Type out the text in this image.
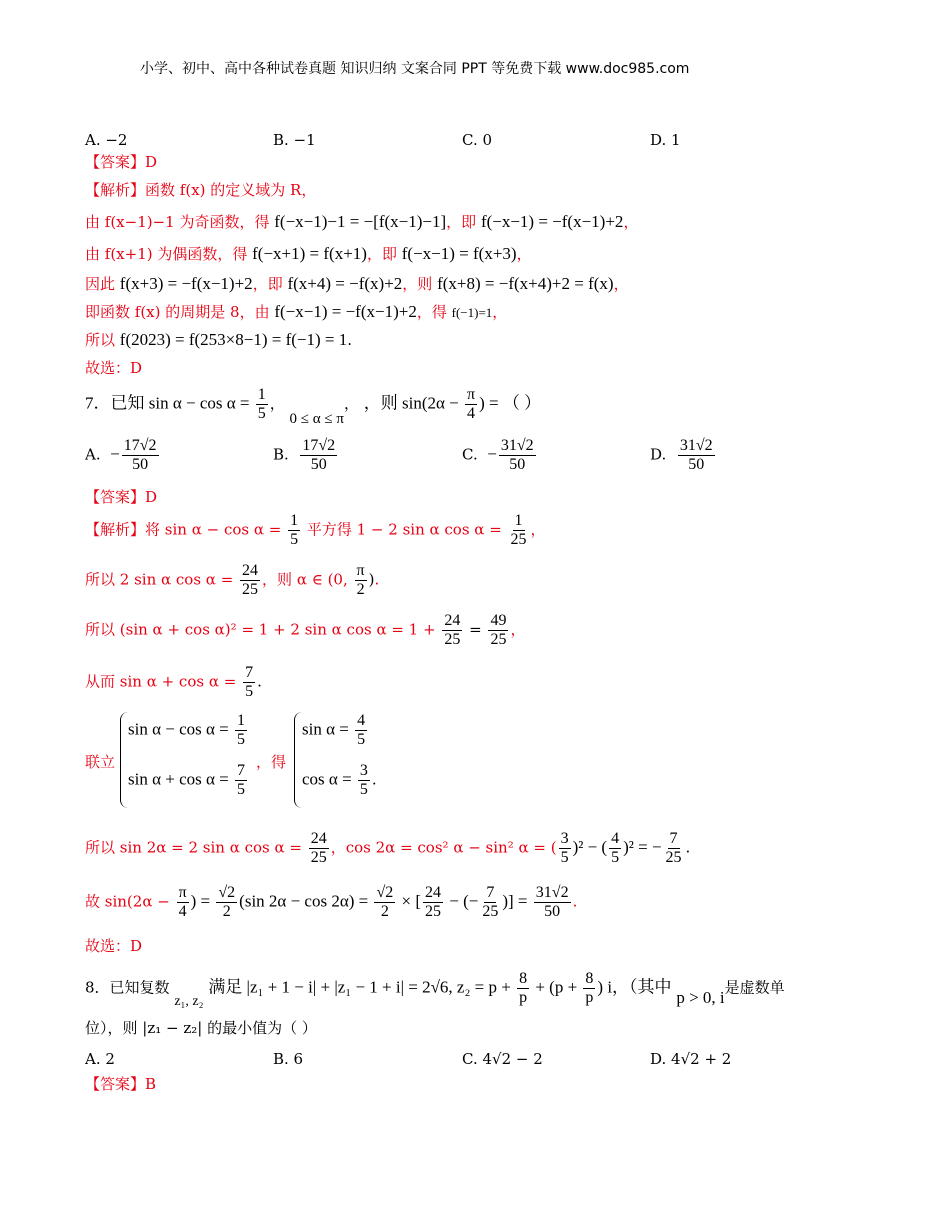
小学、初中、高中各种试卷真题 知识归纳 文案合同 PPT 等免费下载 www.doc985.com
A. −2	B. −1	C. 0	D. 1
【答案】D
【解析】函数 f(x) 的定义域为 R，
由 f(x−1)−1 为奇函数，得 f(−x−1)−1 = −[f(x−1)−1]，即 f(−x−1) = −f(x−1)+2，
由 f(x+1) 为偶函数，得 f(−x+1) = f(x+1)，即 f(−x−1) = f(x+3)，
因此 f(x+3) = −f(x−1)+2，即 f(x+4) = −f(x)+2，则 f(x+8) = −f(x+4)+2 = f(x)，
即函数 f(x) 的周期是 8，由 f(−x−1) = −f(x−1)+2，得 f(−1)=1，
所以 f(2023) = f(253×8−1) = f(−1) = 1.
故选：D
7．已知 $\sin \alpha - \cos \alpha = \frac{1}{5}$ ， 0 ≤ α ≤ π， ，则 $\sin(2\alpha - \frac{\pi}{4}$ ) = （ ）
A. − $\frac{17√2}{50}$	B. $\frac{17√2}{50}$	C. − $\frac{31√2}{50}$	D. $\frac{31√2}{50}$
【答案】D
【解析】将 $\sin \alpha - \cos \alpha = \frac{1}{5}$ 平方得 1 − 2 sin α $\cos \alpha = \frac{1}{25}$ ，
所以 2 sin α $\cos \alpha = \frac{24}{25}$ ，则 α ∈ (0, $\frac{\pi}{2}$ ).
所以 (sin α + cos α)² = 1 + 2 sin α $\cos \alpha = 1 + \frac{24}{25} = \frac{49}{25}$ ，
从而 $\sin \alpha + \cos \alpha = \frac{7}{5}$ .
联立
$\sin \alpha - \cos \alpha = \frac{1}{5}$
$\sin \alpha + \cos \alpha = \frac{7}{5}$ ，得
$\sin \alpha = \frac{4}{5}$
$\cos \alpha = \frac{3}{5}$ .
所以 sin 2α = 2 sin α $\cos \alpha = \frac{24}{25}$ ，cos 2α = cos² α − sin² α = ( $\frac{3}{5} )^2$ − ( $\frac{4}{5} )^2$ = − $\frac{7}{25}$ .
故 $\sin(2\alpha - \frac{\pi}{4}$ ) = $\frac{√2}{2} (\sin$ $2\alpha - \cos 2\alpha) = \frac{√2}{2}$ × [ $\frac{24}{25}$ − (− $\frac{7}{25}$ )] = $\frac{31√2}{50}$ .
故选：D
8．已知复数 z₁, z₂ 满足 |z₁ + 1 − i| + |z₁ − 1 + i| = 2√6, $z_2 = p + \frac{8}{p} + (p + \frac{8}{p}$ ) i，（其中 p > 0, i是虚数单
位），则 |z₁ − z₂| 的最小值为（ ）
A. 2	B. 6	C. 4√2 − 2	D. 4√2 + 2
【答案】B
